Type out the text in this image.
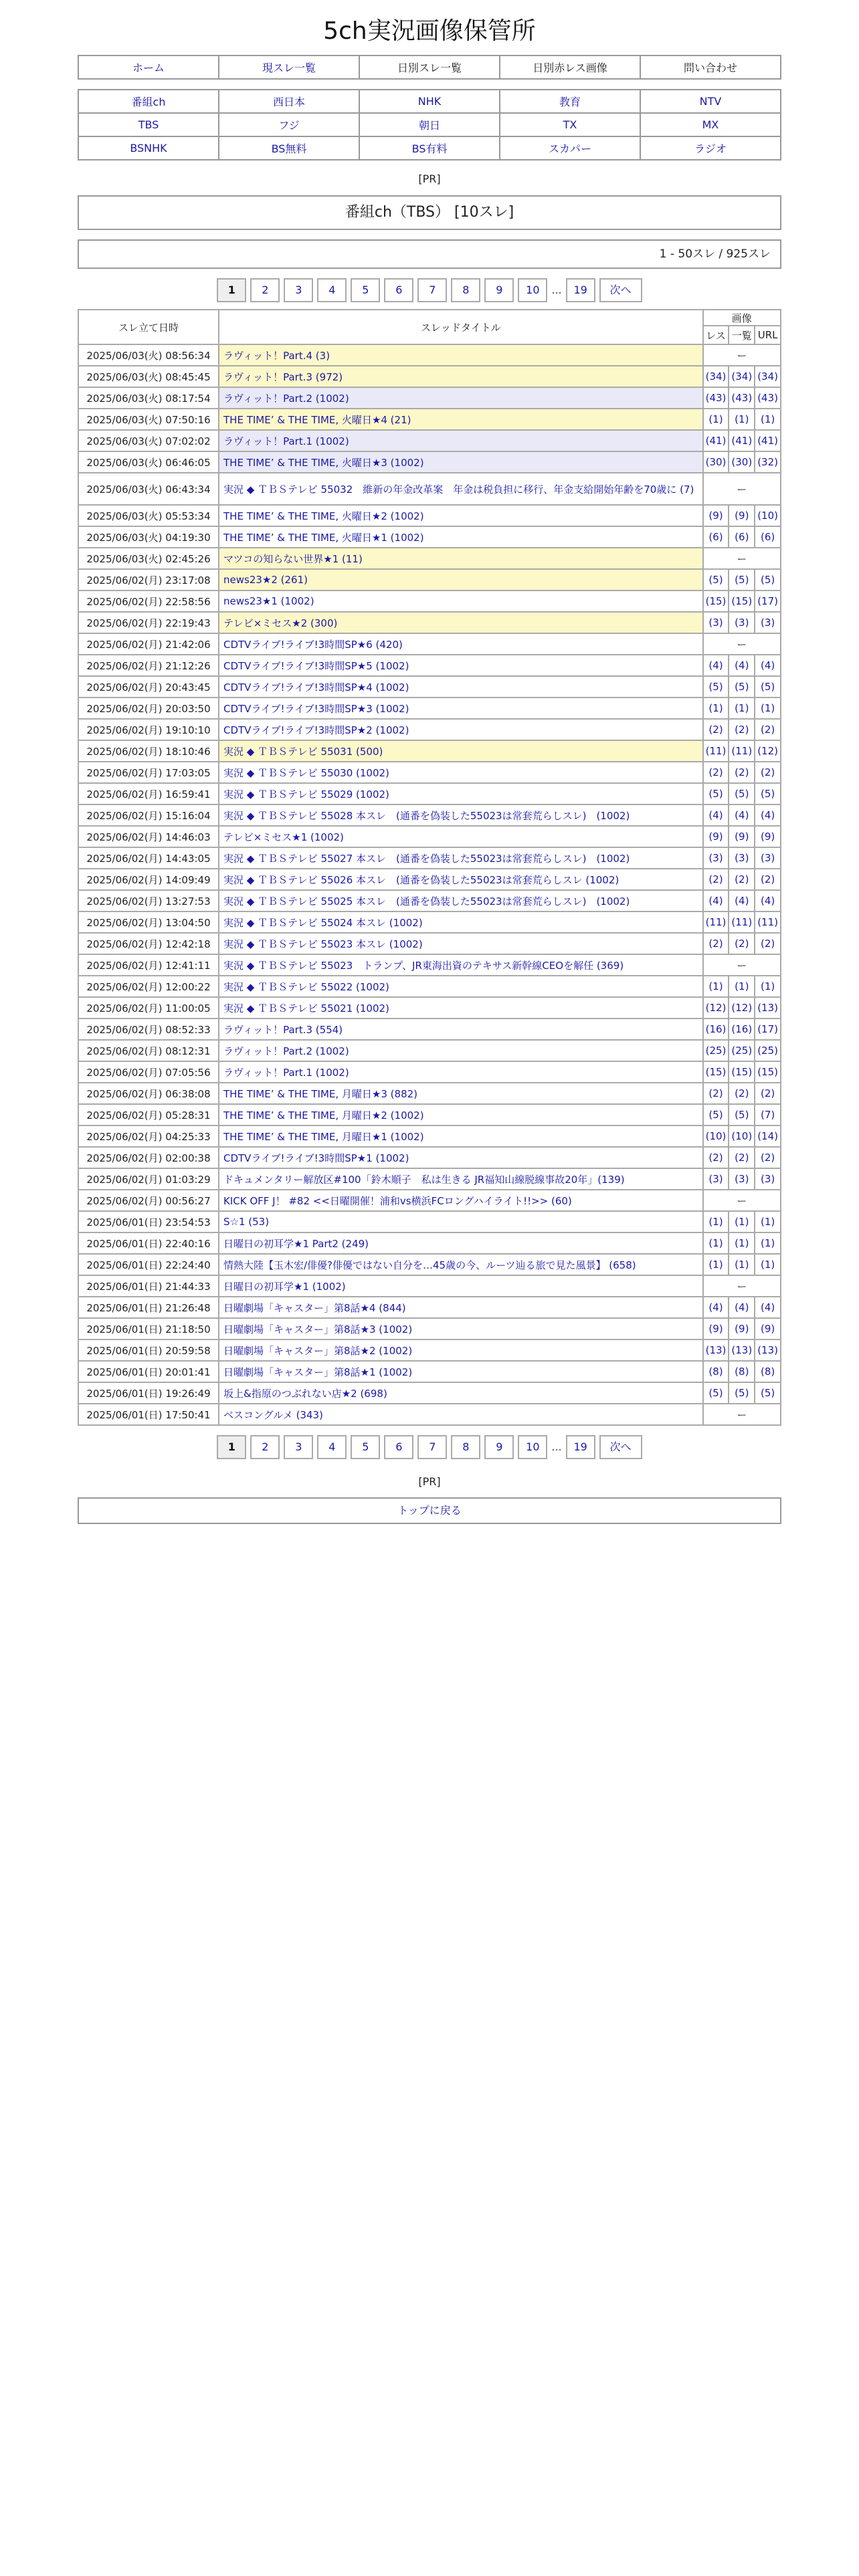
5ch実況画像保管所
ホーム	現スレ一覧	日別スレ一覧	日別赤レス画像	問い合わせ
番組ch	西日本	NHK	教育	NTV
TBS	フジ	朝日	TX	MX
BSNHK	BS無料	BS有料	スカパー	ラジオ
[PR]
番組ch（TBS） [10スレ]
1 - 50スレ / 925スレ
1 2 3 4 5 6 7 8 9 10 ... 19 次へ
スレ立て日時	スレッドタイトル	画像		
		レス	一覧	URL
2025/06/03(火) 08:56:34	ラヴィット！Part.4 (3)	ー		
2025/06/03(火) 08:45:45	ラヴィット！Part.3 (972)	(34)	(34)	(34)
2025/06/03(火) 08:17:54	ラヴィット！Part.2 (1002)	(43)	(43)	(43)
2025/06/03(火) 07:50:16	THE TIME’ & THE TIME, 火曜日★4 (21)	(1)	(1)	(1)
2025/06/03(火) 07:02:02	ラヴィット！Part.1 (1002)	(41)	(41)	(41)
2025/06/03(火) 06:46:05	THE TIME’ & THE TIME, 火曜日★3 (1002)	(30)	(30)	(32)
2025/06/03(火) 06:43:34	実況 ◆ ＴＢＳテレビ 55032　維新の年金改革案　年金は税負担に移行、年金支給開始年齢を70歳に (7)	ー		
2025/06/03(火) 05:53:34	THE TIME’ & THE TIME, 火曜日★2 (1002)	(9)	(9)	(10)
2025/06/03(火) 04:19:30	THE TIME’ & THE TIME, 火曜日★1 (1002)	(6)	(6)	(6)
2025/06/03(火) 02:45:26	マツコの知らない世界★1 (11)	ー		
2025/06/02(月) 23:17:08	news23★2 (261)	(5)	(5)	(5)
2025/06/02(月) 22:58:56	news23★1 (1002)	(15)	(15)	(17)
2025/06/02(月) 22:19:43	テレビ×ミセス★2 (300)	(3)	(3)	(3)
2025/06/02(月) 21:42:06	CDTVライブ!ライブ!3時間SP★6 (420)	ー		
2025/06/02(月) 21:12:26	CDTVライブ!ライブ!3時間SP★5 (1002)	(4)	(4)	(4)
2025/06/02(月) 20:43:45	CDTVライブ!ライブ!3時間SP★4 (1002)	(5)	(5)	(5)
2025/06/02(月) 20:03:50	CDTVライブ!ライブ!3時間SP★3 (1002)	(1)	(1)	(1)
2025/06/02(月) 19:10:10	CDTVライブ!ライブ!3時間SP★2 (1002)	(2)	(2)	(2)
2025/06/02(月) 18:10:46	実況 ◆ ＴＢＳテレビ 55031 (500)	(11)	(11)	(12)
2025/06/02(月) 17:03:05	実況 ◆ ＴＢＳテレビ 55030 (1002)	(2)	(2)	(2)
2025/06/02(月) 16:59:41	実況 ◆ ＴＢＳテレビ 55029 (1002)	(5)	(5)	(5)
2025/06/02(月) 15:16:04	実況 ◆ ＴＢＳテレビ 55028 本スレ　(通番を偽装した55023は常套荒らしスレ)　(1002)	(4)	(4)	(4)
2025/06/02(月) 14:46:03	テレビ×ミセス★1 (1002)	(9)	(9)	(9)
2025/06/02(月) 14:43:05	実況 ◆ ＴＢＳテレビ 55027 本スレ　(通番を偽装した55023は常套荒らしスレ)　(1002)	(3)	(3)	(3)
2025/06/02(月) 14:09:49	実況 ◆ ＴＢＳテレビ 55026 本スレ　(通番を偽装した55023は常套荒らしスレ (1002)	(2)	(2)	(2)
2025/06/02(月) 13:27:53	実況 ◆ ＴＢＳテレビ 55025 本スレ　(通番を偽装した55023は常套荒らしスレ)　(1002)	(4)	(4)	(4)
2025/06/02(月) 13:04:50	実況 ◆ ＴＢＳテレビ 55024 本スレ (1002)	(11)	(11)	(11)
2025/06/02(月) 12:42:18	実況 ◆ ＴＢＳテレビ 55023 本スレ (1002)	(2)	(2)	(2)
2025/06/02(月) 12:41:11	実況 ◆ ＴＢＳテレビ 55023　トランプ、JR東海出資のテキサス新幹線CEOを解任 (369)	ー		
2025/06/02(月) 12:00:22	実況 ◆ ＴＢＳテレビ 55022 (1002)	(1)	(1)	(1)
2025/06/02(月) 11:00:05	実況 ◆ ＴＢＳテレビ 55021 (1002)	(12)	(12)	(13)
2025/06/02(月) 08:52:33	ラヴィット！Part.3 (554)	(16)	(16)	(17)
2025/06/02(月) 08:12:31	ラヴィット！Part.2 (1002)	(25)	(25)	(25)
2025/06/02(月) 07:05:56	ラヴィット！Part.1 (1002)	(15)	(15)	(15)
2025/06/02(月) 06:38:08	THE TIME’ & THE TIME, 月曜日★3 (882)	(2)	(2)	(2)
2025/06/02(月) 05:28:31	THE TIME’ & THE TIME, 月曜日★2 (1002)	(5)	(5)	(7)
2025/06/02(月) 04:25:33	THE TIME’ & THE TIME, 月曜日★1 (1002)	(10)	(10)	(14)
2025/06/02(月) 02:00:38	CDTVライブ!ライブ!3時間SP★1 (1002)	(2)	(2)	(2)
2025/06/02(月) 01:03:29	ドキュメンタリー解放区#100「鈴木順子　私は生きる JR福知山線脱線事故20年」(139)	(3)	(3)	(3)
2025/06/02(月) 00:56:27	KICK OFF J！ #82 <<日曜開催！浦和vs横浜FCロングハイライト!!>> (60)	ー		
2025/06/01(日) 23:54:53	S☆1 (53)	(1)	(1)	(1)
2025/06/01(日) 22:40:16	日曜日の初耳学★1 Part2 (249)	(1)	(1)	(1)
2025/06/01(日) 22:24:40	情熱大陸【玉木宏/俳優?俳優ではない自分を…45歳の今、ルーツ辿る旅で見た風景】 (658)	(1)	(1)	(1)
2025/06/01(日) 21:44:33	日曜日の初耳学★1 (1002)	ー		
2025/06/01(日) 21:26:48	日曜劇場「キャスター」第8話★4 (844)	(4)	(4)	(4)
2025/06/01(日) 21:18:50	日曜劇場「キャスター」第8話★3 (1002)	(9)	(9)	(9)
2025/06/01(日) 20:59:58	日曜劇場「キャスター」第8話★2 (1002)	(13)	(13)	(13)
2025/06/01(日) 20:01:41	日曜劇場「キャスター」第8話★1 (1002)	(8)	(8)	(8)
2025/06/01(日) 19:26:49	坂上&指原のつぶれない店★2 (698)	(5)	(5)	(5)
2025/06/01(日) 17:50:41	ベスコングルメ (343)	ー		
1 2 3 4 5 6 7 8 9 10 ... 19 次へ
[PR]
トップに戻る
